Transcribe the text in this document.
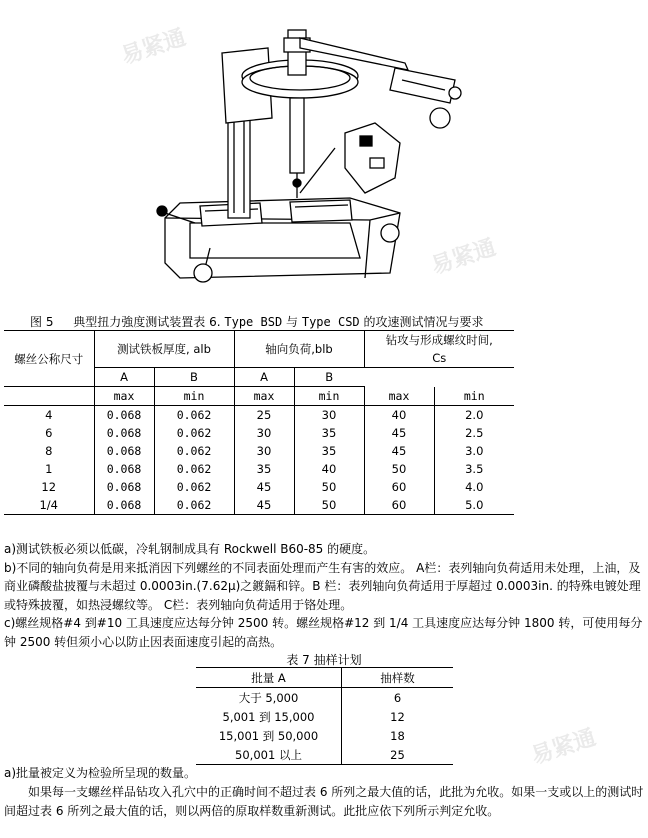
图 5 典型扭力強度测试装置表 6. Type BSD 与 Type CSD 的攻速测试情况与要求
螺丝公称尺寸	测试铁板厚度, alb		轴向负荷,blb		钻攻与形成螺纹时间,	
					Cs	
	A	B	A	B		
	max	min	max	min	max	min
4	0.068	0.062	25	30	40	2.0
6	0.068	0.062	30	35	45	2.5
8	0.068	0.062	30	35	45	3.0
1	0.068	0.062	35	40	50	3.5
12	0.068	0.062	45	50	60	4.0
1/4	0.068	0.062	45	50	60	5.0

a)测试铁板必须以低碳，冷轧钢制成具有 Rockwell B60-85 的硬度。

b)不同的轴向负荷是用来抵消因下列螺丝的不同表面处理而产生有害的效应。 A栏：表列轴向负荷适用未处理，上油，及商业磷酸盐披覆与未超过 0.0003in.(7.62μ)之鍍鎘和锌。B 栏：表列轴向负荷适用于厚超过 0.0003in. 的特殊电镀处理或特殊披覆，如热浸螺纹等。 C栏：表列轴向负荷适用于铬处理。

c)螺丝规格#4 到#10 工具速度应达每分钟 2500 转。螺丝规格#12 到 1/4 工具速度应达每分钟 1800 转，可使用每分钟 2500 转但须小心以防止因表面速度引起的高热。

表 7 抽样计划
批量 A	抽样数
大于 5,000	6
5,001 到 15,000	12
15,001 到 50,000	18
50,001 以上	25

a)批量被定义为检验所呈现的数量。

如果每一支螺丝样品钻攻入孔穴中的正确时间不超过表 6 所列之最大值的话，此批为允收。如果一支或以上的测试时间超过表 6 所列之最大值的话，则以两倍的原取样数重新测试。此批应依下列所示判定允收。

易紧通
易紧通
易紧通
